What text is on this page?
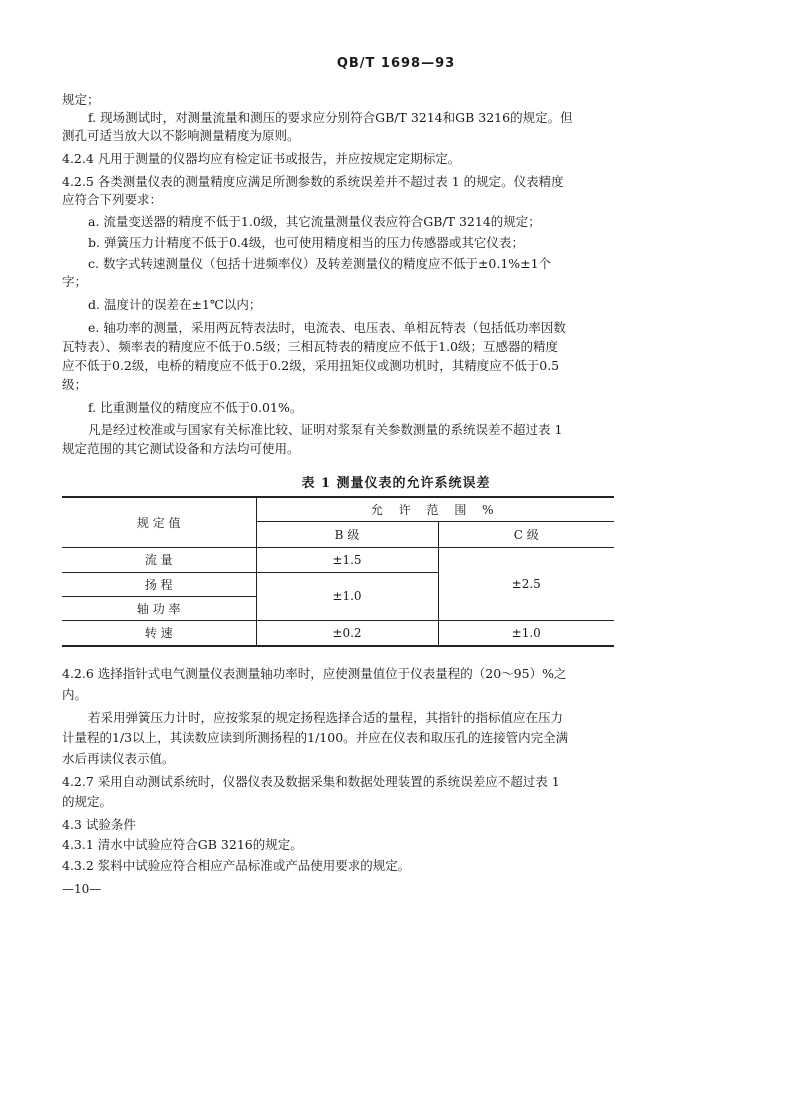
QB/T 1698—93
规定；
f. 现场测试时，对测量流量和测压的要求应分别符合GB/T 3214和GB 3216的规定。但
测孔可适当放大以不影响测量精度为原则。
4.2.4 凡用于测量的仪器均应有检定证书或报告，并应按规定定期标定。
4.2.5 各类测量仪表的测量精度应满足所测参数的系统误差并不超过表 1 的规定。仪表精度
应符合下列要求：
a. 流量变送器的精度不低于1.0级，其它流量测量仪表应符合GB/T 3214的规定；
b. 弹簧压力计精度不低于0.4级，也可使用精度相当的压力传感器或其它仪表；
c. 数字式转速测量仪（包括十进频率仪）及转差测量仪的精度应不低于±0.1%±1个
字；
d. 温度计的误差在±1℃以内；
e. 轴功率的测量，采用两瓦特表法时，电流表、电压表、单相瓦特表（包括低功率因数
瓦特表）、频率表的精度应不低于0.5级；三相瓦特表的精度应不低于1.0级；互感器的精度
应不低于0.2级，电桥的精度应不低于0.2级，采用扭矩仪或测功机时，其精度应不低于0.5
级；
f. 比重测量仪的精度应不低于0.01%。
凡是经过校准或与国家有关标准比较、证明对浆泵有关参数测量的系统误差不超过表 1
规定范围的其它测试设备和方法均可使用。
表 1 测量仪表的允许系统误差
规 定 值	允 许 范 围 %	
	B 级	C 级
流 量	±1.5	±2.5
扬 程	±1.0	
轴 功 率		
转 速	±0.2	±1.0
4.2.6 选择指针式电气测量仪表测量轴功率时，应使测量值位于仪表量程的（20～95）%之
内。
若采用弹簧压力计时，应按浆泵的规定扬程选择合适的量程，其指针的指标值应在压力
计量程的1/3以上，其读数应读到所测扬程的1/100。并应在仪表和取压孔的连接管内完全满
水后再读仪表示值。
4.2.7 采用自动测试系统时，仪器仪表及数据采集和数据处理装置的系统误差应不超过表 1
的规定。
4.3 试验条件
4.3.1 清水中试验应符合GB 3216的规定。
4.3.2 浆料中试验应符合相应产品标准或产品使用要求的规定。
—10—
